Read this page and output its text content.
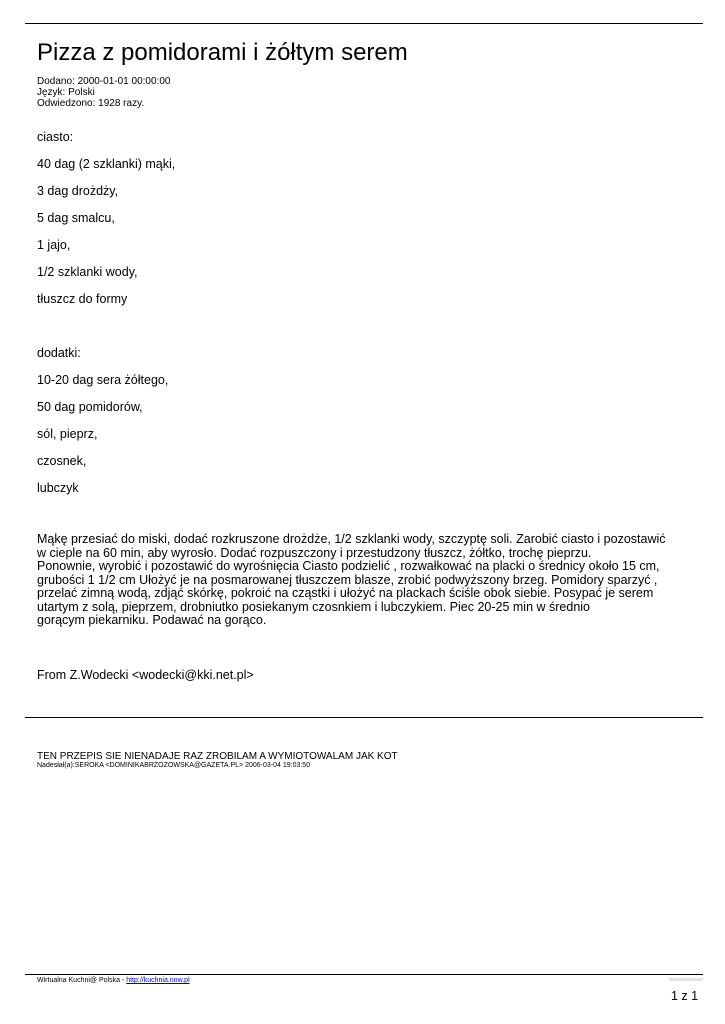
Pizza z pomidorami i żółtym serem
Dodano: 2000-01-01 00:00:00
Język: Polski
Odwiedzono: 1928 razy.
ciasto:
40 dag (2 szklanki) mąki,
3 dag drożdży,
5 dag smalcu,
1 jajo,
1/2 szklanki wody,
tłuszcz do formy
dodatki:
10-20 dag sera żółtego,
50 dag pomidorów,
sól, pieprz,
czosnek,
lubczyk
Mąkę przesiać do miski, dodać rozkruszone drożdże, 1/2 szklanki wody, szczyptę soli. Zarobić ciasto i pozostawić
w cieple na 60 min, aby wyrosło. Dodać rozpuszczony i przestudzony tłuszcz, żółtko, trochę pieprzu.
Ponownie, wyrobić i pozostawić do wyrośnięcia Ciasto podzielić , rozwałkować na placki o średnicy około 15 cm,
grubości 1 1/2 cm Ułożyć je na posmarowanej tłuszczem blasze, zrobić podwyższony brzeg. Pomidory sparzyć ,
przelać zimną wodą, zdjąć skórkę, pokroić na cząstki i ułożyć na plackach ściśle obok siebie. Posypać je serem
utartym z solą, pieprzem, drobniutko posiekanym czosnkiem i lubczykiem. Piec 20-25 min w średnio
gorącym piekarniku. Podawać na gorąco.
From Z.Wodecki <wodecki@kki.net.pl>
TEN PRZEPIS SIE NIENADAJE RAZ ZROBILAM A WYMIOTOWALAM JAK KOT
Nadesłał(a):SEROKA <DOMINIKABRZOZOWSKA@GAZETA.PL> 2006-03-04 19:03:50
Wirtualna Kuchni@ Polska - http://kuchnia.now.pl
1 z 1
